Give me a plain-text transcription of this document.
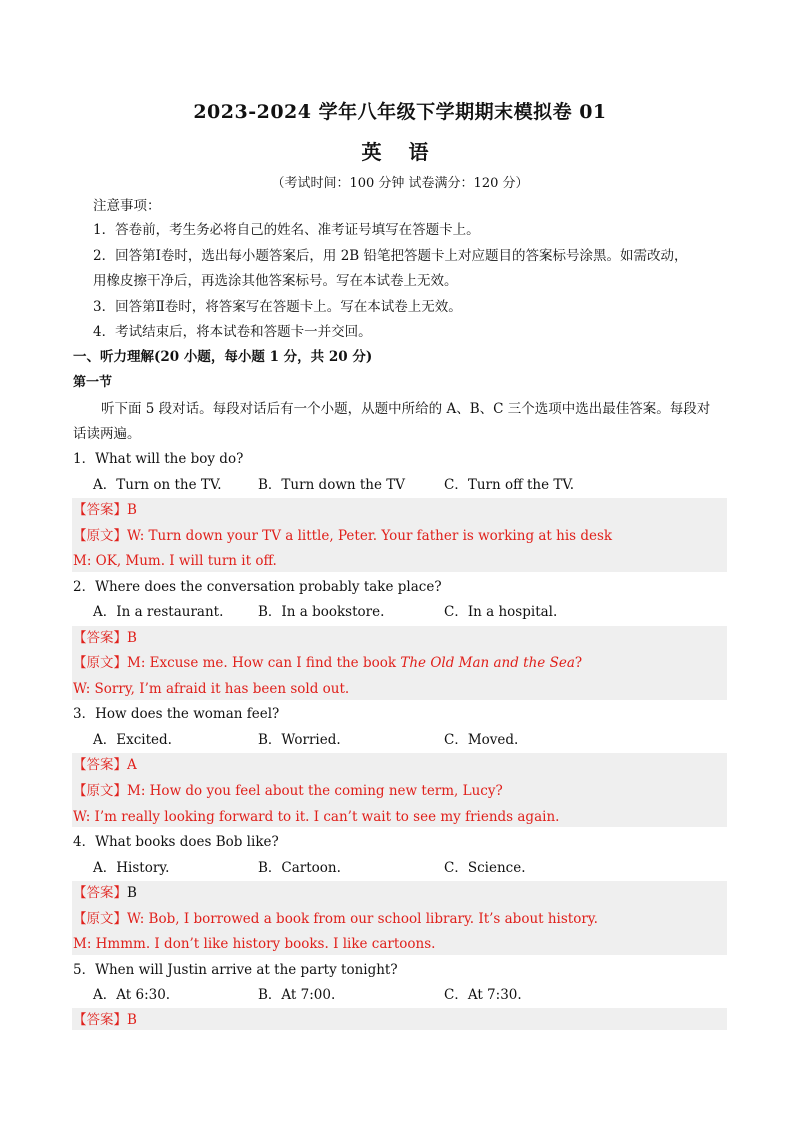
2023-2024 学年八年级下学期期末模拟卷 01
英 语
（考试时间：100 分钟 试卷满分：120 分）
注意事项：
1．答卷前，考生务必将自己的姓名、准考证号填写在答题卡上。
2．回答第Ⅰ卷时，选出每小题答案后，用 2B 铅笔把答题卡上对应题目的答案标号涂黑。如需改动，
用橡皮擦干净后，再选涂其他答案标号。写在本试卷上无效。
3．回答第Ⅱ卷时，将答案写在答题卡上。写在本试卷上无效。
4．考试结束后，将本试卷和答题卡一并交回。
一、听力理解(20 小题，每小题 1 分，共 20 分)
第一节
听下面 5 段对话。每段对话后有一个小题，从题中所给的 A、B、C 三个选项中选出最佳答案。每段对
话读两遍。
1．What will the boy do?
A．Turn on the TV.	B．Turn down the TV	C．Turn off the TV.
【答案】B
【原文】W: Turn down your TV a little, Peter. Your father is working at his desk
M: OK, Mum. I will turn it off.
2．Where does the conversation probably take place?
A．In a restaurant.	B．In a bookstore.	C．In a hospital.
【答案】B
【原文】M: Excuse me. How can I find the book The Old Man and the Sea?
W: Sorry, I’m afraid it has been sold out.
3．How does the woman feel?
A．Excited.	B．Worried.	C．Moved.
【答案】A
【原文】M: How do you feel about the coming new term, Lucy?
W: I’m really looking forward to it. I can’t wait to see my friends again.
4．What books does Bob like?
A．History.	B．Cartoon.	C．Science.
【答案】B
【原文】W: Bob, I borrowed a book from our school library. It’s about history.
M: Hmmm. I don’t like history books. I like cartoons.
5．When will Justin arrive at the party tonight?
A．At 6:30.	B．At 7:00.	C．At 7:30.
【答案】B
